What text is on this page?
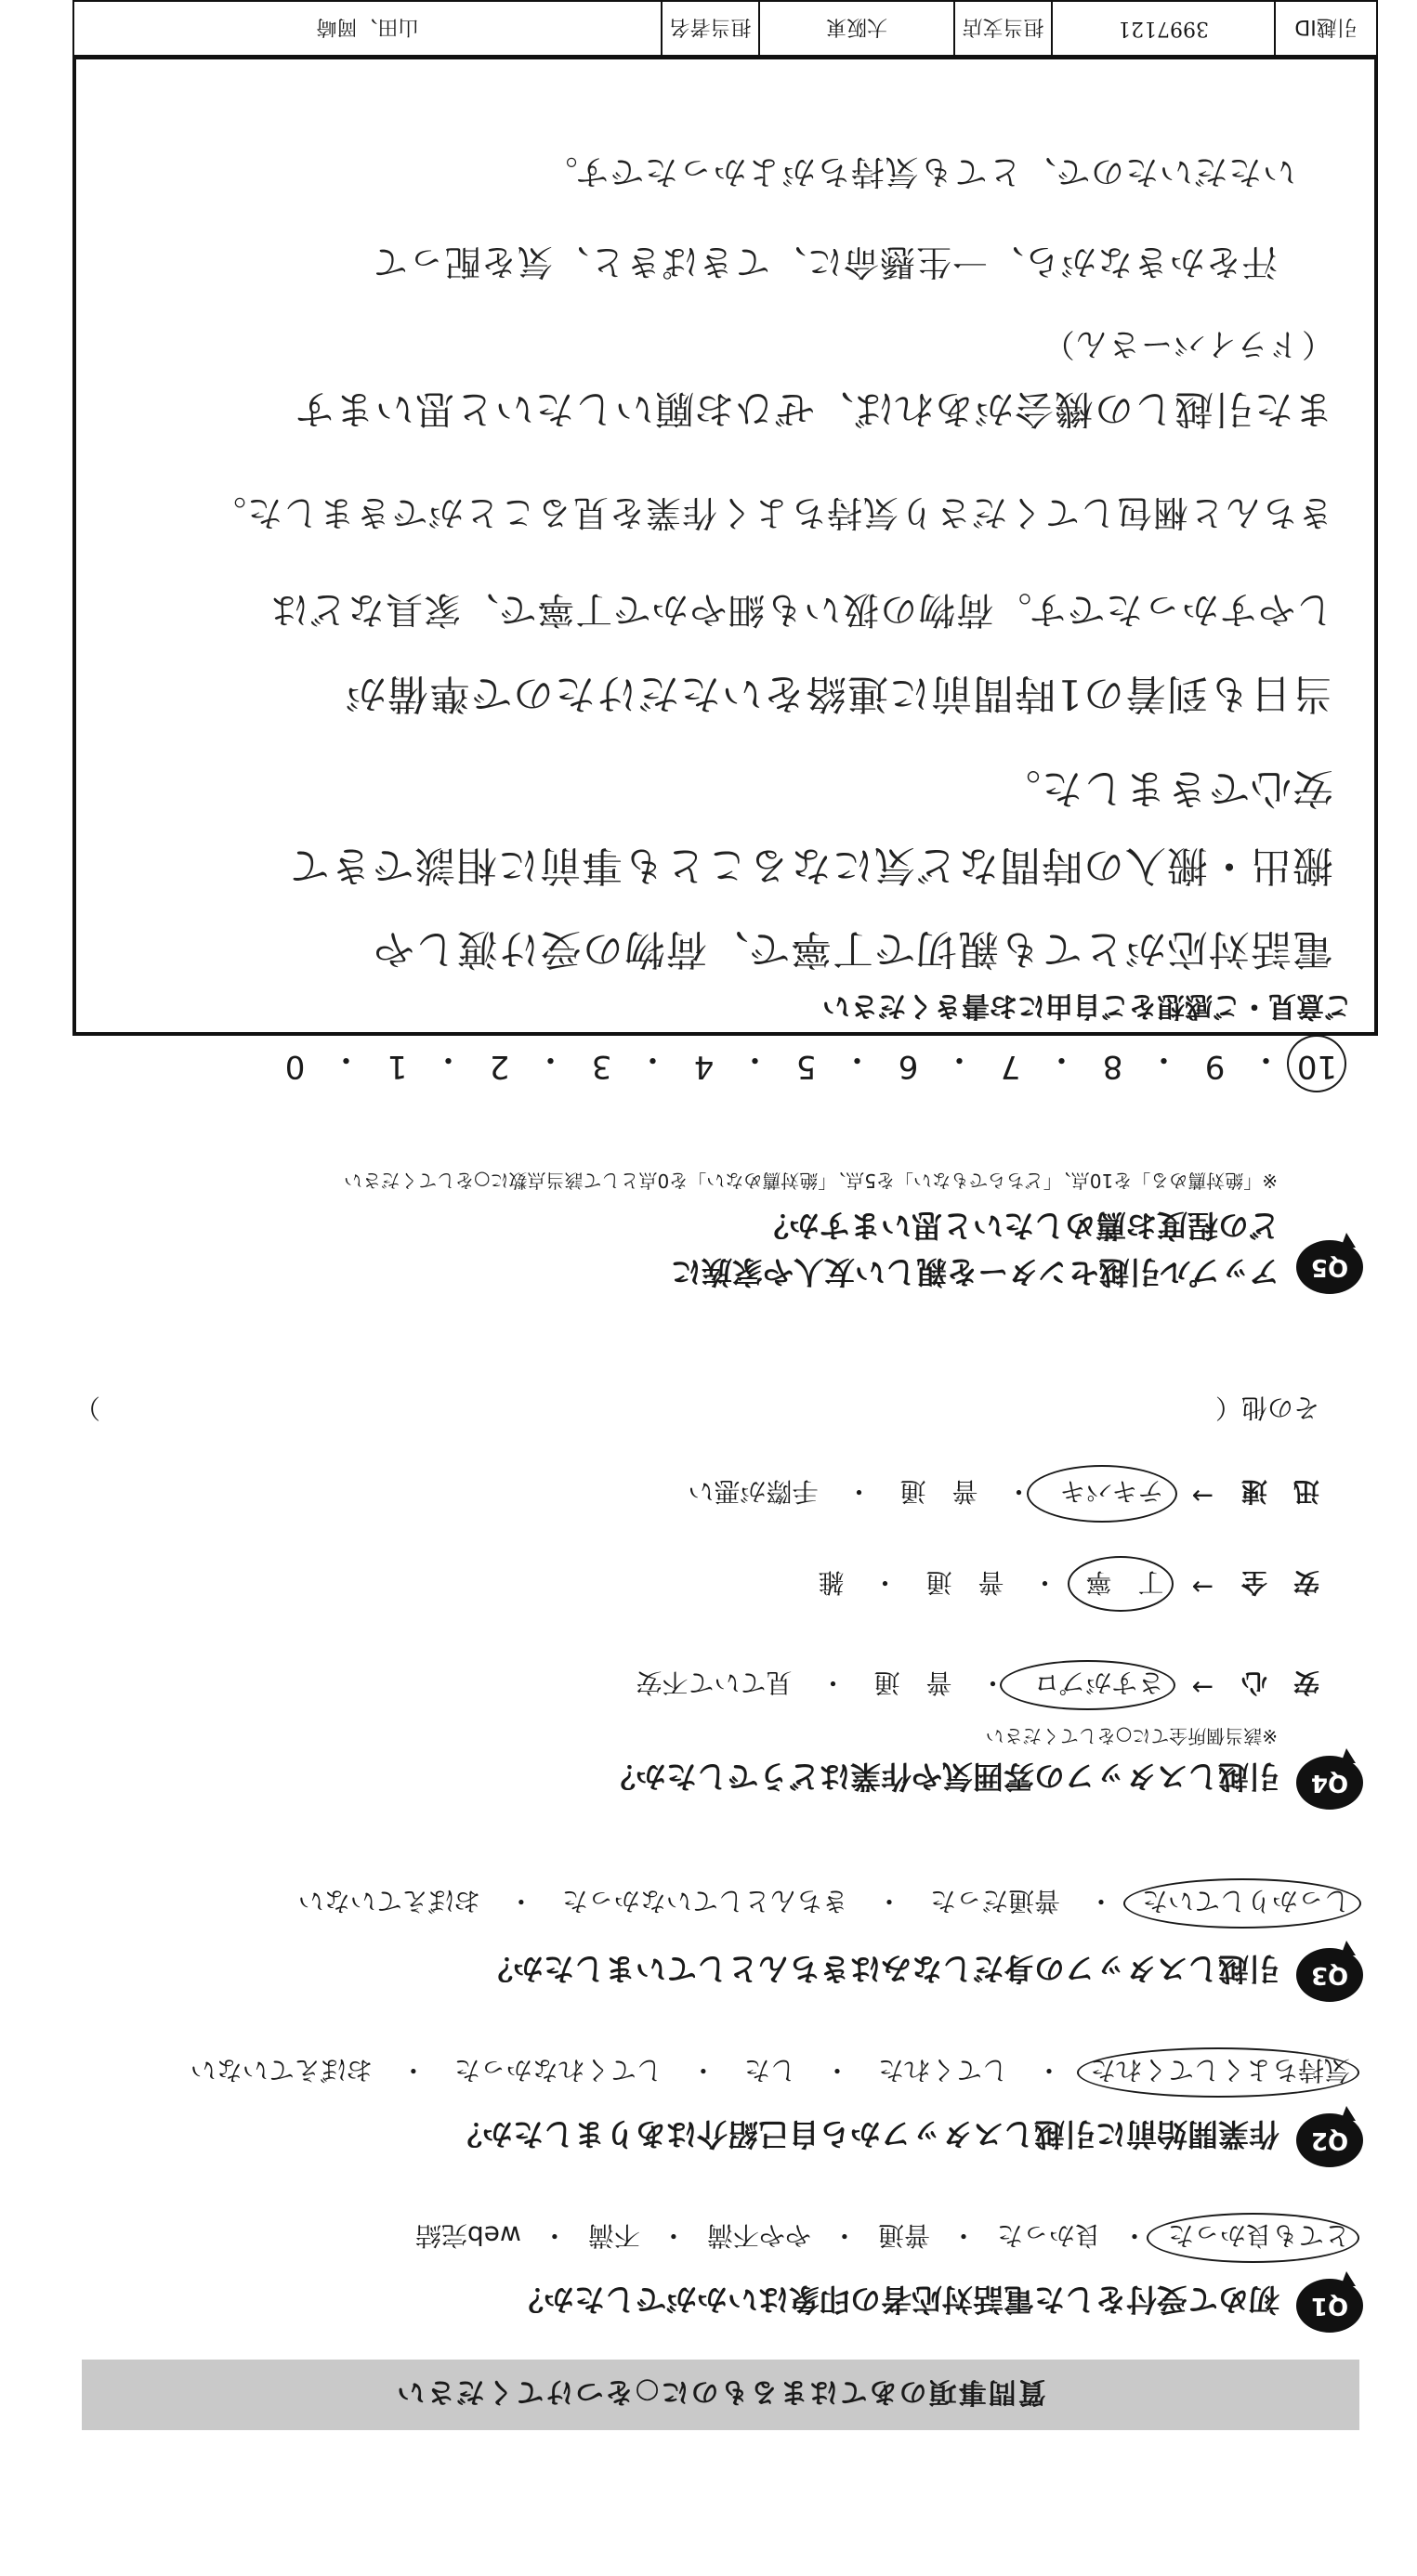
質問事項のあてはまるものに○をつけてください
Q1
初めて受付をした電話対応者の印象はいかがでしたか？
とても良かった
・
良かった
・
普通
・
やや不満
・
不満
・
web完結
Q2
作業開始前に引越しスタッフから自己紹介はありましたか？
気持ちよくしてくれた
・
してくれた
・
した
・
してくれなかった
・
おぼえていない
Q3
引越しスタッフの身だしなみはきちんとしていましたか？
しっかりしていた
・
普通だった
・
きちんとしていなかった
・
おぼえていない
Q4
引越しスタッフの雰囲気や作業はどうでしたか？
※該当個所全てに○をしてください
安　心
→
さすがプロ
・
普　通
・
見ていて不安
安　全
→
丁　寧
・
普　通
・
雑
迅　速
→
テキパキ
・
普　通
・
手際が悪い
その他（
）
Q5
アップル引越センターを親しい友人や家族に
どの程度お薦めしたいと思いますか？
※「絶対薦める」を10点、「どちらでもない」を5点、「絶対薦めない」を0点として該当点数に○をしてください
10
・
9
・
8
・
7
・
6
・
5
・
4
・
3
・
2
・
1
・
0
ご意見・ご感想をご自由にお書きください
電話対応がとても親切で丁寧で、荷物の受け渡しや
搬出・搬入の時間など気になることも事前に相談できて
安心できました。
当日も到着の1時間前に連絡をいただけたので準備が
しやすかったです。荷物の扱いも細やかで丁寧で、家具などは
きちんと梱包してくださり気持ちよく作業を見ることができました。
また引越しの機会があれば、ぜひお願いしたいと思います
（ドライバーさん）
汗をかきながら、一生懸命に、てきぱきと、気を配って
いただいたので、とても気持ちがよかったです。
引越ID
3997121
担当支店
大阪東
担当者名
山田、岡崎
